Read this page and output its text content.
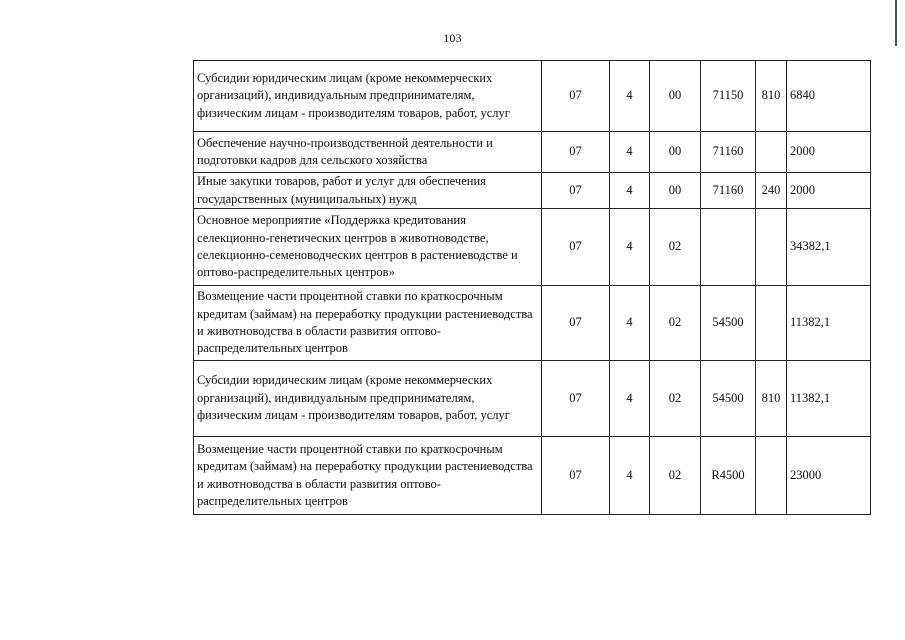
103
Субсидии юридическим лицам (кроме некоммерческих организаций), индивидуальным предпринимателям, физическим лицам - производителям товаров, работ, услуг	07	4	00	71150	810	6840
Обеспечение научно-производственной деятельности и подготовки кадров для сельского хозяйства	07	4	00	71160		2000
Иные закупки товаров, работ и услуг для обеспечения государственных (муниципальных) нужд	07	4	00	71160	240	2000
Основное мероприятие «Поддержка кредитования селекционно-генетических центров в животноводстве, селекционно-семеноводческих центров в растениеводстве и оптово-распределительных центров»	07	4	02			34382,1
Возмещение части процентной ставки по краткосрочным кредитам (займам) на переработку продукции растениеводства и животноводства в области развития оптово-распределительных центров	07	4	02	54500		11382,1
Субсидии юридическим лицам (кроме некоммерческих организаций), индивидуальным предпринимателям, физическим лицам - производителям товаров, работ, услуг	07	4	02	54500	810	11382,1
Возмещение части процентной ставки по краткосрочным кредитам (займам) на переработку продукции растениеводства и животноводства в области развития оптово-распределительных центров	07	4	02	R4500		23000
